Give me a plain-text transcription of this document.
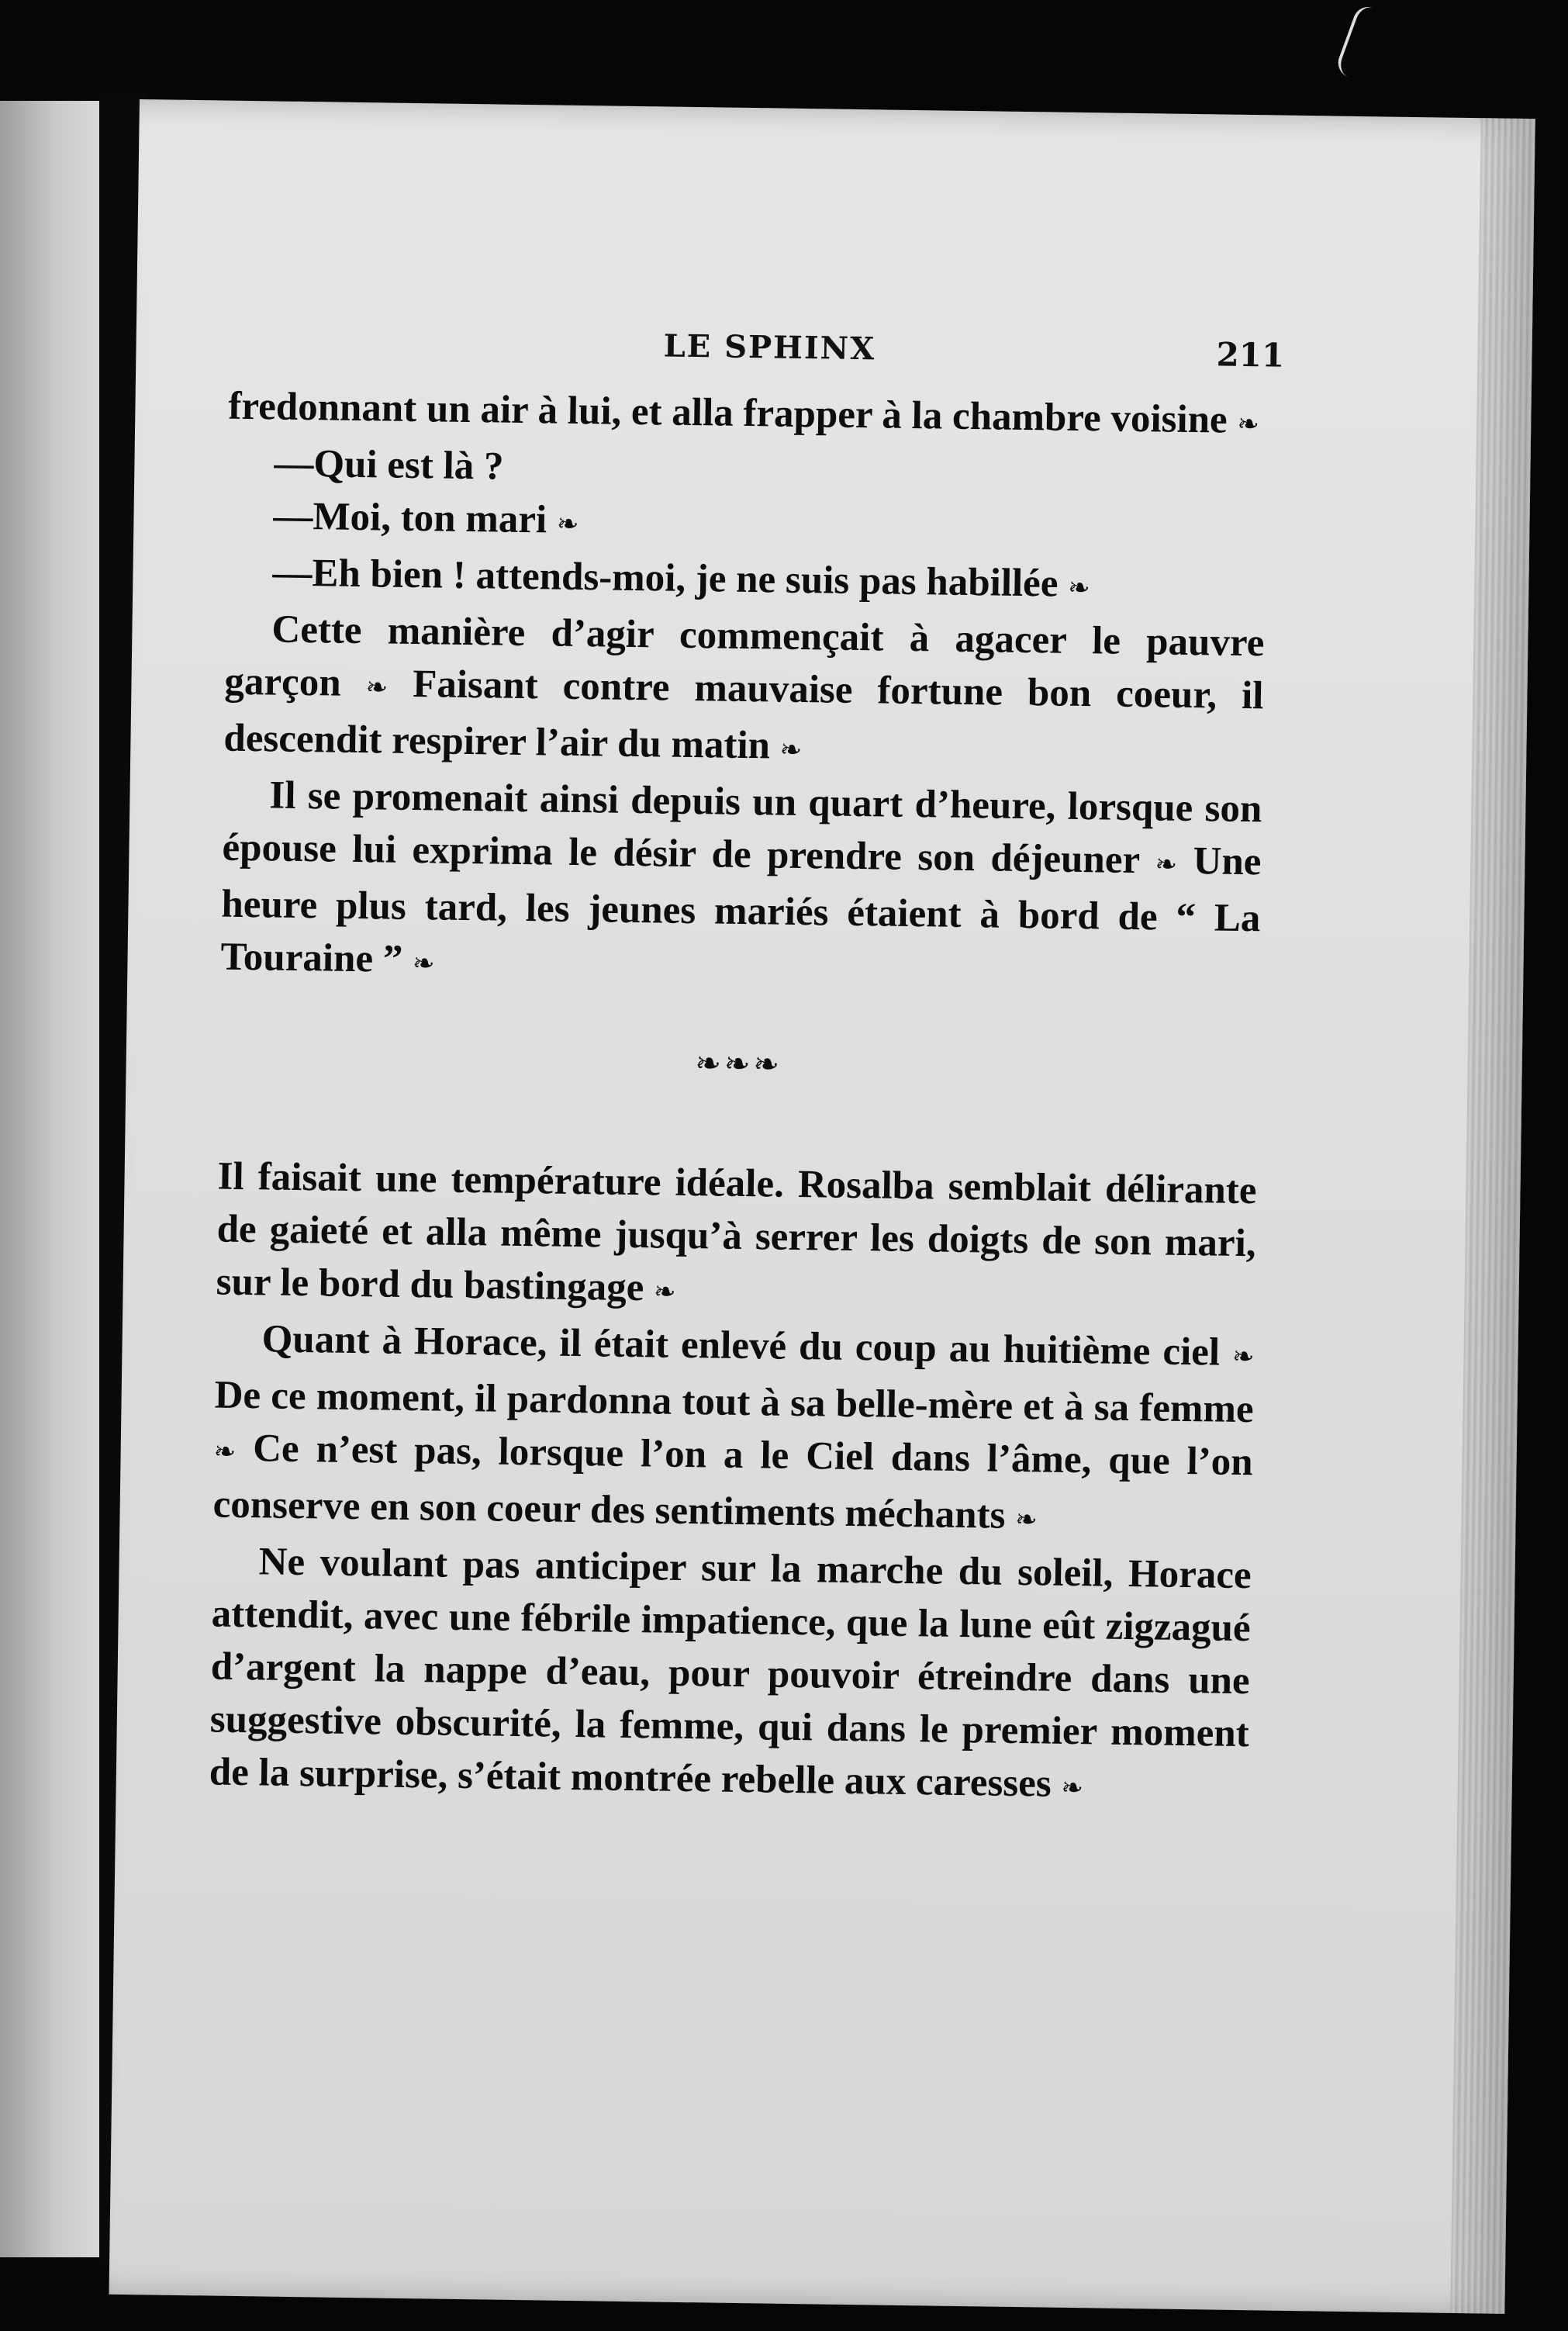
LE SPHINX	211

fredonnant un air à lui, et alla frapper à la chambre voisine ❧

—Qui est là ?

—Moi, ton mari ❧

—Eh bien ! attends-moi, je ne suis pas habillée ❧

Cette manière d’agir commençait à agacer le pauvre garçon ❧ Faisant contre mauvaise fortune bon coeur, il descendit respirer l’air du matin ❧

Il se promenait ainsi depuis un quart d’heure, lorsque son épouse lui exprima le désir de prendre son déjeuner ❧ Une heure plus tard, les jeunes mariés étaient à bord de “ La Touraine ” ❧

❧❧❧

Il faisait une température idéale. Rosalba semblait délirante de gaieté et alla même jusqu’à serrer les doigts de son mari, sur le bord du bastingage ❧

Quant à Horace, il était enlevé du coup au huitième ciel ❧ De ce moment, il pardonna tout à sa belle-mère et à sa femme ❧ Ce n’est pas, lorsque l’on a le Ciel dans l’âme, que l’on conserve en son coeur des sentiments méchants ❧

Ne voulant pas anticiper sur la marche du soleil, Horace attendit, avec une fébrile impatience, que la lune eût zigzagué d’argent la nappe d’eau, pour pouvoir étreindre dans une suggestive obscurité, la femme, qui dans le premier moment de la surprise, s’était montrée rebelle aux caresses ❧
